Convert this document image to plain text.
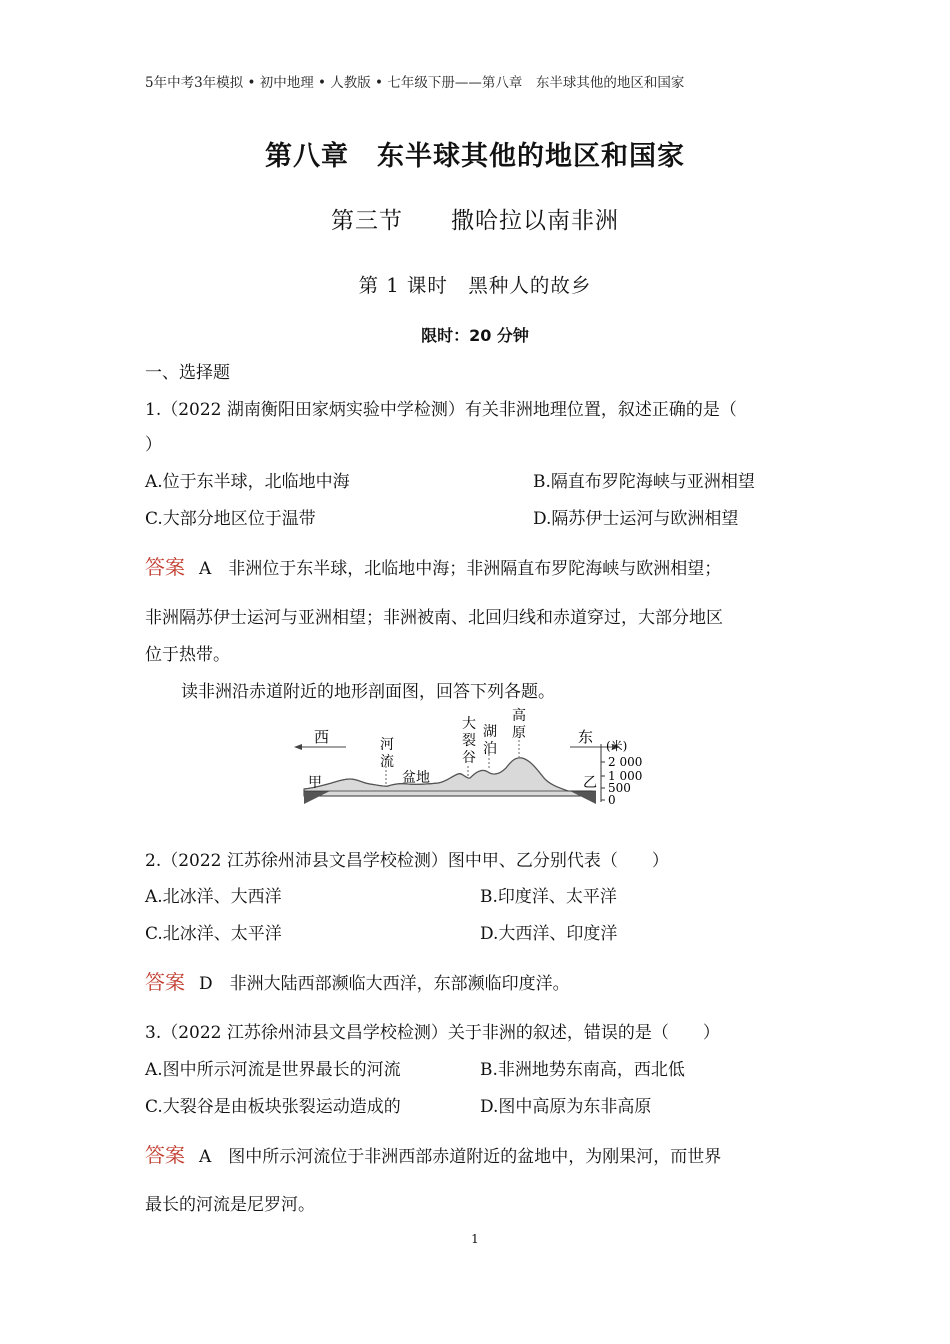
5年中考3年模拟 • 初中地理 • 人教版 • 七年级下册——第八章　东半球其他的地区和国家
第八章　东半球其他的地区和国家
第三节　　撒哈拉以南非洲
第 1 课时　黑种人的故乡
限时：20 分钟
一、选择题
1.（2022 湖南衡阳田家炳实验中学检测）有关非洲地理位置，叙述正确的是（
）
A.位于东半球，北临地中海	B.隔直布罗陀海峡与亚洲相望
C.大部分地区位于温带	D.隔苏伊士运河与欧洲相望
答案 A　非洲位于东半球，北临地中海；非洲隔直布罗陀海峡与欧洲相望；
非洲隔苏伊士运河与亚洲相望；非洲被南、北回归线和赤道穿过，大部分地区
位于热带。
读非洲沿赤道附近的地形剖面图，回答下列各题。
西	东
河
流
盆地
大
裂
谷
湖
泊
高
原
甲	乙
(米)
2 000
1 000
500
0
2.（2022 江苏徐州沛县文昌学校检测）图中甲、乙分别代表（　　）
A.北冰洋、大西洋	B.印度洋、太平洋
C.北冰洋、太平洋	D.大西洋、印度洋
答案 D　非洲大陆西部濒临大西洋，东部濒临印度洋。
3.（2022 江苏徐州沛县文昌学校检测）关于非洲的叙述，错误的是（　　）
A.图中所示河流是世界最长的河流	B.非洲地势东南高，西北低
C.大裂谷是由板块张裂运动造成的	D.图中高原为东非高原
答案 A　图中所示河流位于非洲西部赤道附近的盆地中，为刚果河，而世界
最长的河流是尼罗河。
1
